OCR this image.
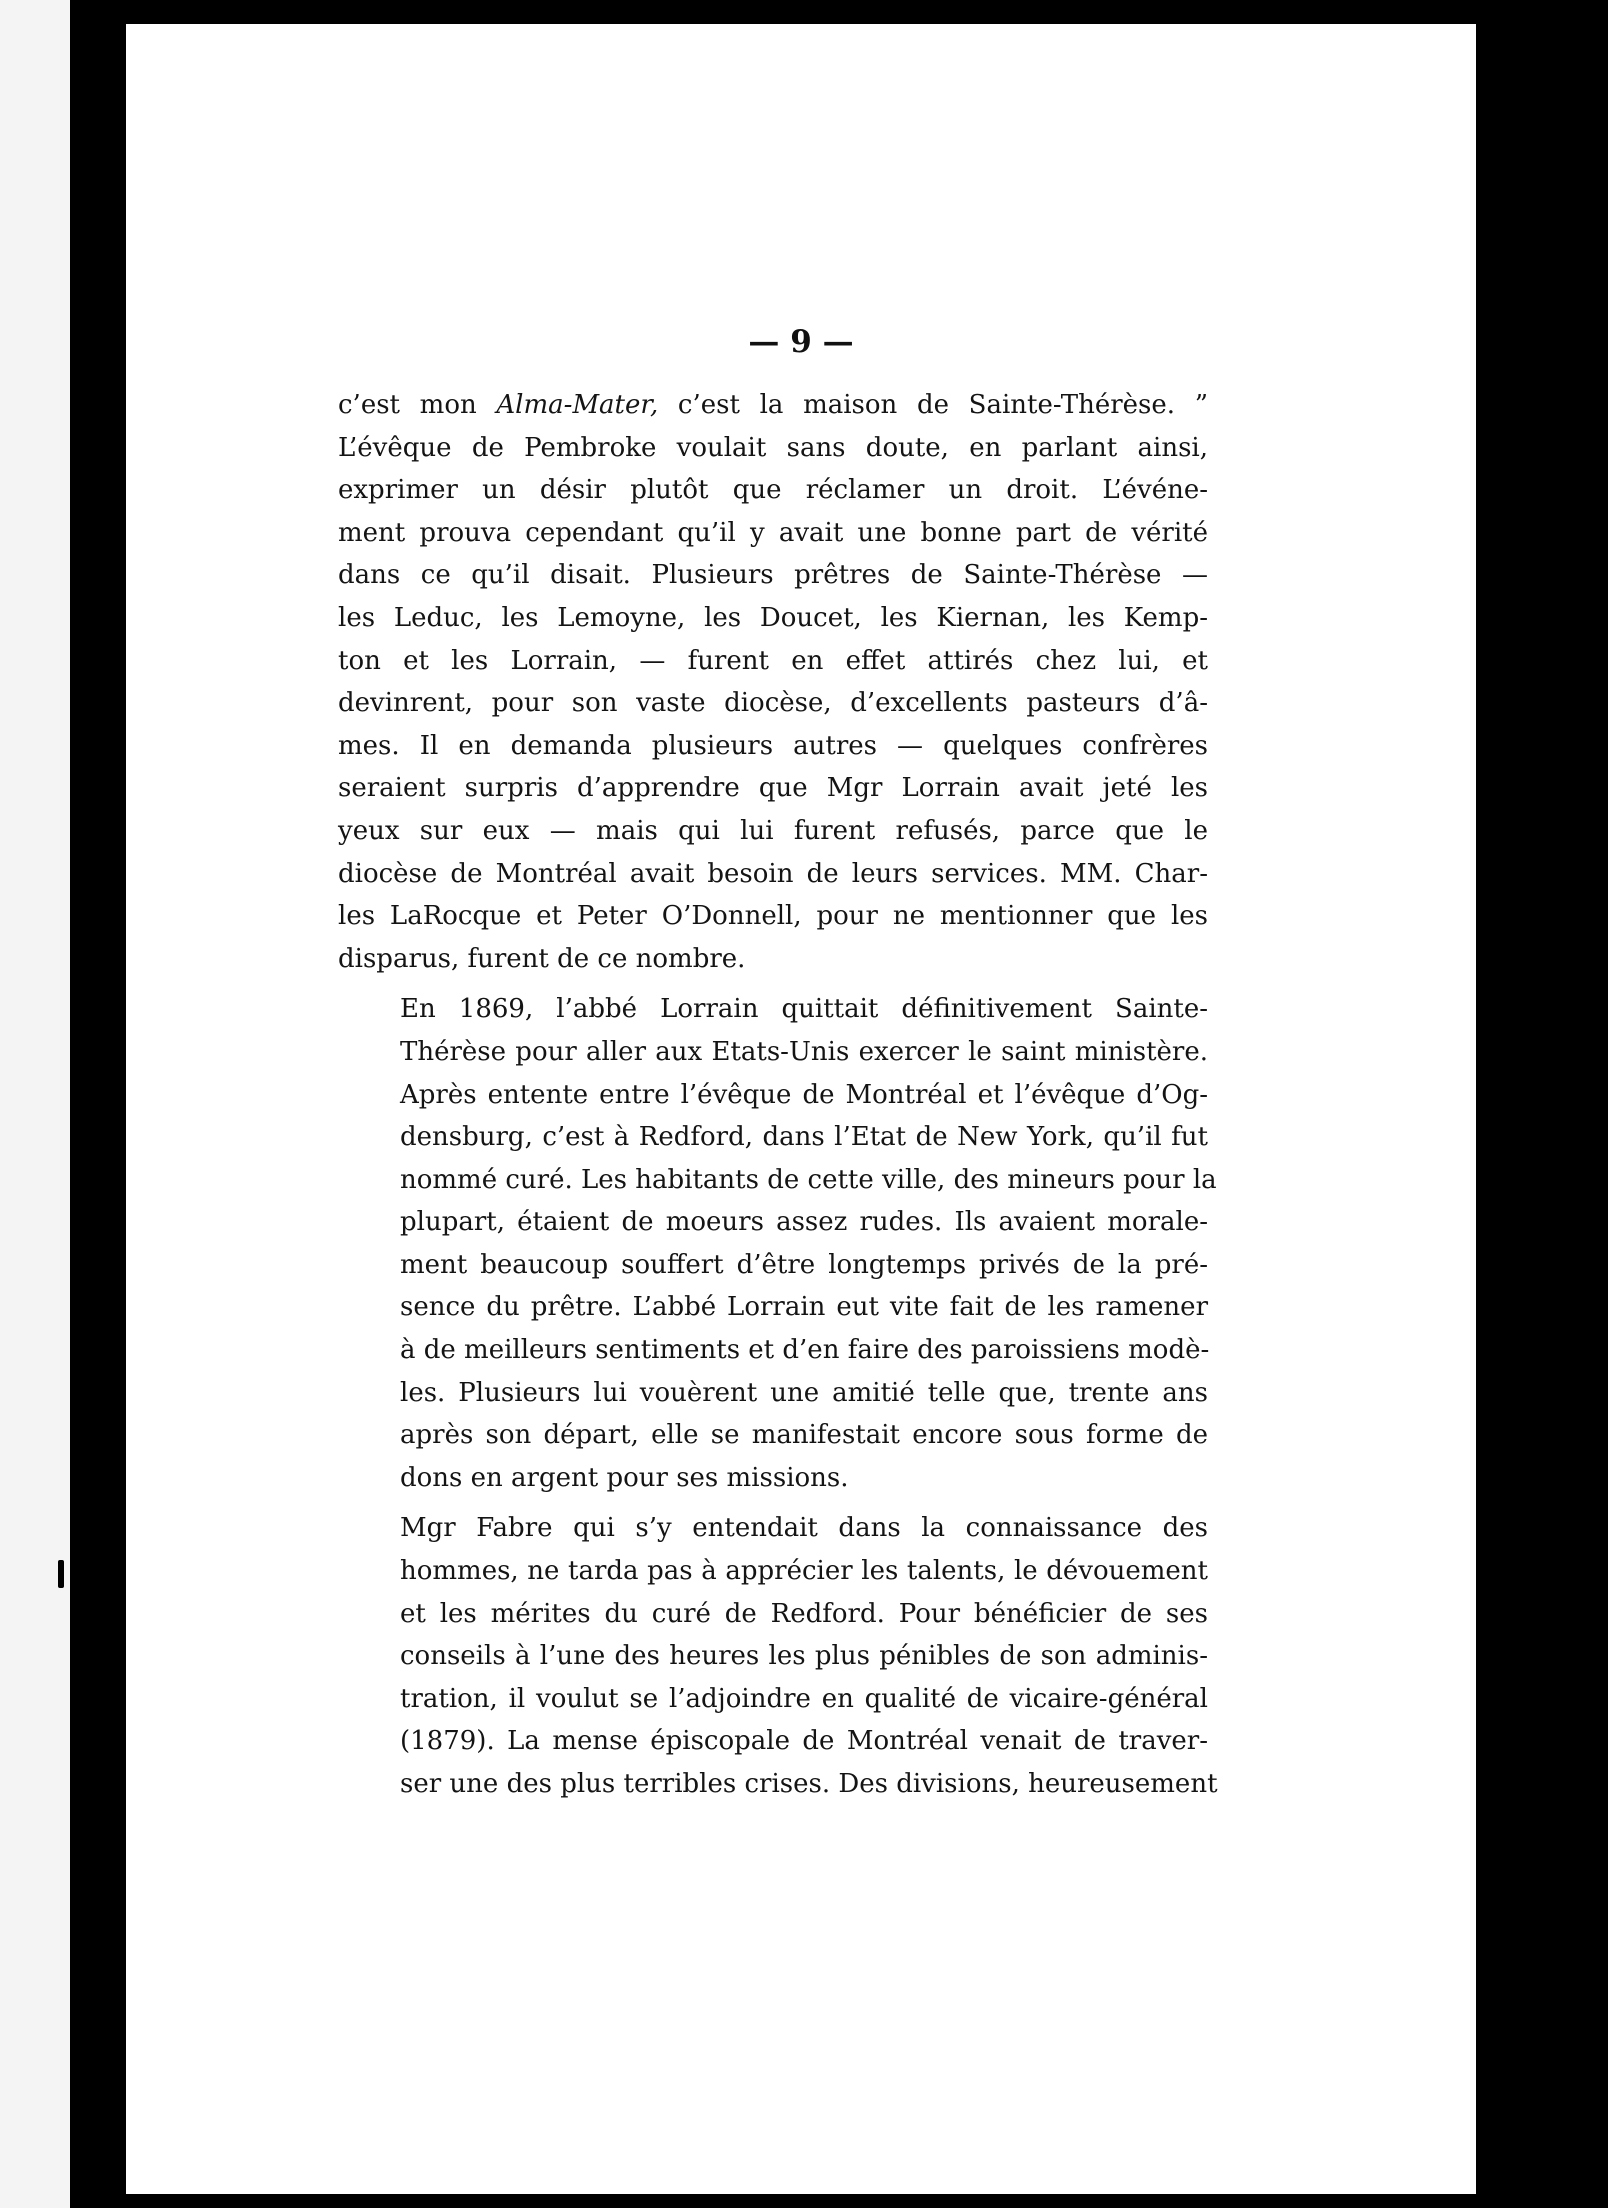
— 9 —
c’est mon Alma-Mater, c’est la maison de Sainte-Thérèse. ”
L’évêque de Pembroke voulait sans doute, en parlant ainsi,
exprimer un désir plutôt que réclamer un droit. L’événe-
ment prouva cependant qu’il y avait une bonne part de vérité
dans ce qu’il disait. Plusieurs prêtres de Sainte-Thérèse —
les Leduc, les Lemoyne, les Doucet, les Kiernan, les Kemp-
ton et les Lorrain, — furent en effet attirés chez lui, et
devinrent, pour son vaste diocèse, d’excellents pasteurs d’â-
mes. Il en demanda plusieurs autres — quelques confrères
seraient surpris d’apprendre que Mgr Lorrain avait jeté les
yeux sur eux — mais qui lui furent refusés, parce que le
diocèse de Montréal avait besoin de leurs services. MM. Char-
les LaRocque et Peter O’Donnell, pour ne mentionner que les
disparus, furent de ce nombre.
En 1869, l’abbé Lorrain quittait définitivement Sainte-
Thérèse pour aller aux Etats-Unis exercer le saint ministère.
Après entente entre l’évêque de Montréal et l’évêque d’Og-
densburg, c’est à Redford, dans l’Etat de New York, qu’il fut
nommé curé. Les habitants de cette ville, des mineurs pour la
plupart, étaient de moeurs assez rudes. Ils avaient morale-
ment beaucoup souffert d’être longtemps privés de la pré-
sence du prêtre. L’abbé Lorrain eut vite fait de les ramener
à de meilleurs sentiments et d’en faire des paroissiens modè-
les. Plusieurs lui vouèrent une amitié telle que, trente ans
après son départ, elle se manifestait encore sous forme de
dons en argent pour ses missions.
Mgr Fabre qui s’y entendait dans la connaissance des
hommes, ne tarda pas à apprécier les talents, le dévouement
et les mérites du curé de Redford. Pour bénéficier de ses
conseils à l’une des heures les plus pénibles de son adminis-
tration, il voulut se l’adjoindre en qualité de vicaire-général
(1879). La mense épiscopale de Montréal venait de traver-
ser une des plus terribles crises. Des divisions, heureusement
